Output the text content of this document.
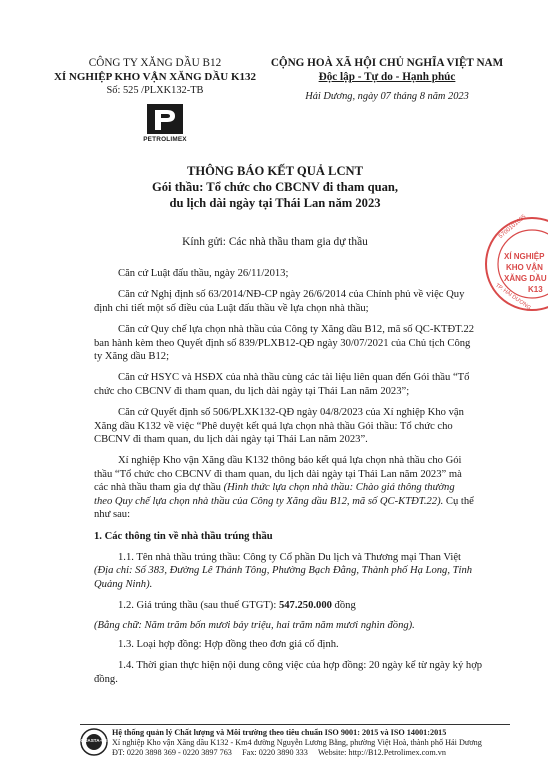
CÔNG TY XĂNG DẦU B12
XÍ NGHIỆP KHO VẬN XĂNG DẦU K132
Số: 525 /PLXK132-TB
PETROLIMEX
CỘNG HOÀ XÃ HỘI CHỦ NGHĨA VIỆT NAM
Độc lập - Tự do - Hạnh phúc
Hải Dương, ngày 07 tháng 8 năm 2023
THÔNG BÁO KẾT QUẢ LCNT
Gói thầu: Tổ chức cho CBCNV đi tham quan,
du lịch dài ngày tại Thái Lan năm 2023
Kính gửi: Các nhà thầu tham gia dự thầu
5700101685
XÍ NGHIỆP
KHO VẬN
XĂNG DẦU
K13
TP. HẢI DƯƠNG
Căn cứ Luật đấu thầu, ngày 26/11/2013;
Căn cứ Nghị định số 63/2014/NĐ-CP ngày 26/6/2014 của Chính phủ về việc Quy
định chi tiết một số điều của Luật đấu thầu về lựa chọn nhà thầu;
Căn cứ Quy chế lựa chọn nhà thầu của Công ty Xăng dầu B12, mã số QC-KTĐT.22
ban hành kèm theo Quyết định số 839/PLXB12-QĐ ngày 30/07/2021 của Chủ tịch Công
ty Xăng dầu B12;
Căn cứ HSYC và HSĐX của nhà thầu cùng các tài liệu liên quan đến Gói thầu “Tổ
chức cho CBCNV đi tham quan, du lịch dài ngày tại Thái Lan năm 2023”;
Căn cứ Quyết định số 506/PLXK132-QĐ ngày 04/8/2023 của Xí nghiệp Kho vận
Xăng dầu K132 về việc “Phê duyệt kết quả lựa chọn nhà thầu Gói thầu: Tổ chức cho
CBCNV đi tham quan, du lịch dài ngày tại Thái Lan năm 2023”.
Xí nghiệp Kho vận Xăng dầu K132 thông báo kết quả lựa chọn nhà thầu cho Gói
thầu “Tổ chức cho CBCNV đi tham quan, du lịch dài ngày tại Thái Lan năm 2023” mà
các nhà thầu tham gia dự thầu (Hình thức lựa chọn nhà thầu: Chào giá thông thường
theo Quy chế lựa chọn nhà thầu của Công ty Xăng dầu B12, mã số QC-KTĐT.22). Cụ thể
như sau:
1. Các thông tin về nhà thầu trúng thầu
1.1. Tên nhà thầu trúng thầu: Công ty Cổ phần Du lịch và Thương mại Than Việt
(Địa chỉ: Số 383, Đường Lê Thánh Tông, Phường Bạch Đằng, Thành phố Hạ Long, Tỉnh
Quảng Ninh).
1.2. Giá trúng thầu (sau thuế GTGT): 547.250.000 đồng
(Bằng chữ: Năm trăm bốn mươi bảy triệu, hai trăm năm mươi nghìn đồng).
1.3. Loại hợp đồng: Hợp đồng theo đơn giá cố định.
1.4. Thời gian thực hiện nội dung công việc của hợp đồng: 20 ngày kể từ ngày ký hợp
đồng.
QUASTA-CE
Hệ thống quản lý Chất lượng và Môi trường theo tiêu chuẩn ISO 9001: 2015 và ISO 14001:2015
Xí nghiệp Kho vận Xăng dầu K132 - Km4 đường Nguyễn Lương Bằng, phường Việt Hoà, thành phố Hải Dương
ĐT: 0220 3898 369 - 0220 3897 763     Fax: 0220 3890 333     Website: http://B12.Petrolimex.com.vn
